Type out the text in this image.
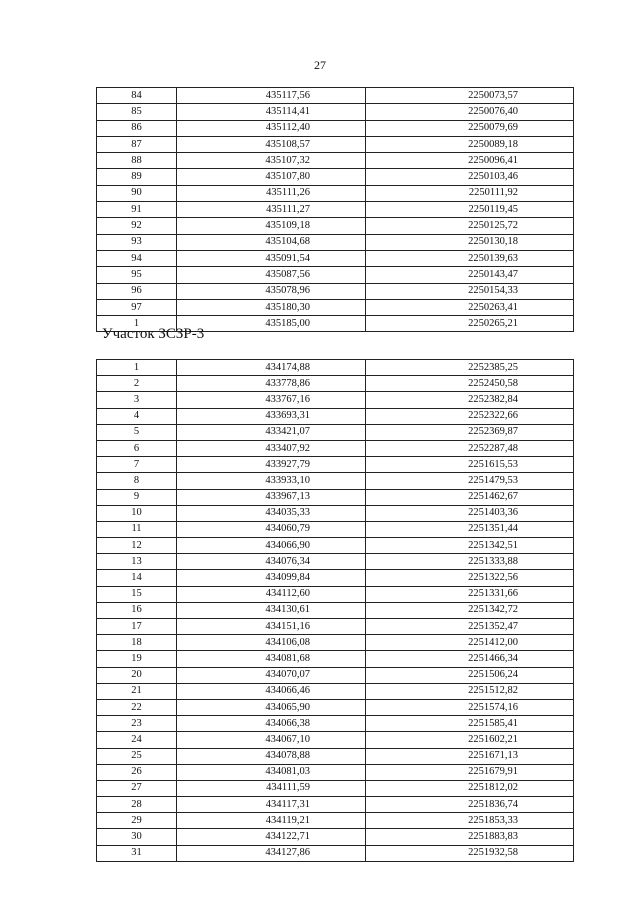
27
84	435117,56	2250073,57
85	435114,41	2250076,40
86	435112,40	2250079,69
87	435108,57	2250089,18
88	435107,32	2250096,41
89	435107,80	2250103,46
90	435111,26	2250111,92
91	435111,27	2250119,45
92	435109,18	2250125,72
93	435104,68	2250130,18
94	435091,54	2250139,63
95	435087,56	2250143,47
96	435078,96	2250154,33
97	435180,30	2250263,41
1	435185,00	2250265,21
Участок ЗСЗР-3
1	434174,88	2252385,25
2	433778,86	2252450,58
3	433767,16	2252382,84
4	433693,31	2252322,66
5	433421,07	2252369,87
6	433407,92	2252287,48
7	433927,79	2251615,53
8	433933,10	2251479,53
9	433967,13	2251462,67
10	434035,33	2251403,36
11	434060,79	2251351,44
12	434066,90	2251342,51
13	434076,34	2251333,88
14	434099,84	2251322,56
15	434112,60	2251331,66
16	434130,61	2251342,72
17	434151,16	2251352,47
18	434106,08	2251412,00
19	434081,68	2251466,34
20	434070,07	2251506,24
21	434066,46	2251512,82
22	434065,90	2251574,16
23	434066,38	2251585,41
24	434067,10	2251602,21
25	434078,88	2251671,13
26	434081,03	2251679,91
27	434111,59	2251812,02
28	434117,31	2251836,74
29	434119,21	2251853,33
30	434122,71	2251883,83
31	434127,86	2251932,58
